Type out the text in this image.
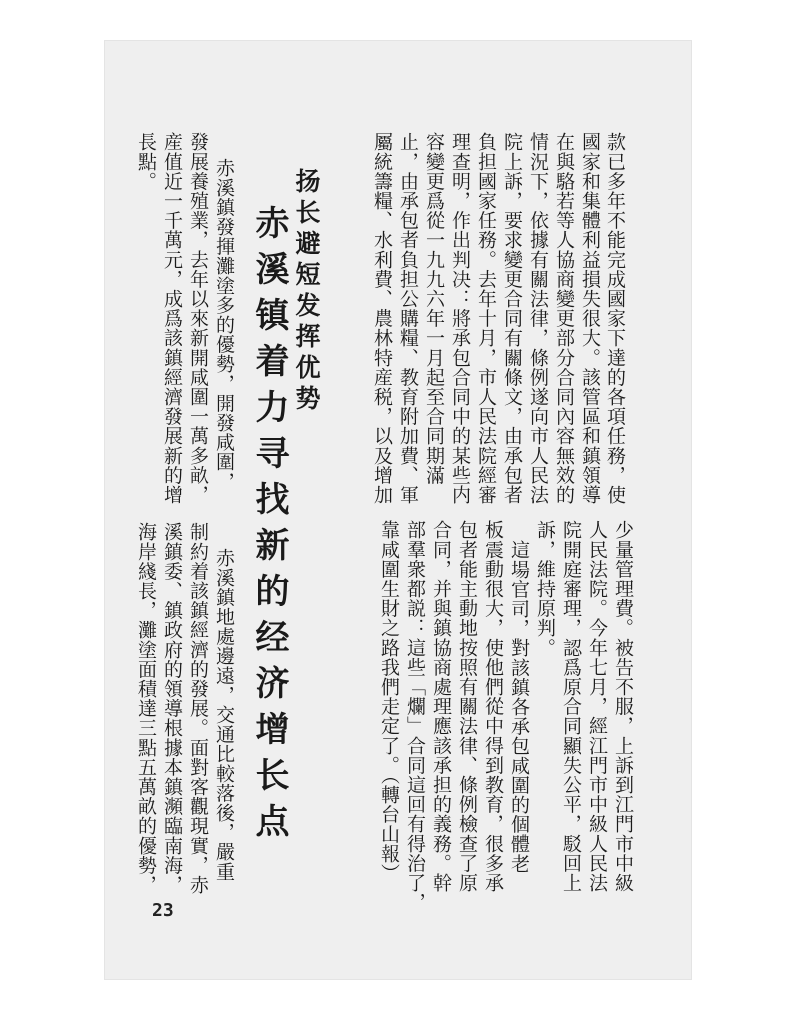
款已多年不能完成國家下達的各項任務，使
國家和集體利益損失很大。該管區和鎮領導
在與駱若等人協商變更部分合同內容無效的
情況下，依據有關法律，條例遂向市人民法
院上訴，要求變更合同有關條文，由承包者
負担國家任務。去年十月，市人民法院經審
理查明，作出判决：將承包合同中的某些内
容變更爲從一九九六年一月起至合同期滿
止，由承包者負担公購糧、教育附加費、軍
屬統籌糧、水利費、農林特産税，以及增加
少量管理費。被告不服，上訴到江門市中級
人民法院。今年七月，經江門市中級人民法
院開庭審理，認爲原合同顯失公平，駁回上
訴，維持原判。
這場官司，對該鎮各承包咸圍的個體老
板震動很大，使他們從中得到教育，很多承
包者能主動地按照有關法律、條例檢查了原
合同，并與鎮協商處理應該承担的義務。幹
部羣衆都説：這些「爛」合同這回有得治了，
靠咸圍生財之路我們走定了。（轉台山報）
扬长避短发挥优势
赤溪镇着力寻找新的经济增长点
赤溪鎮發揮灘塗多的優勢，開發咸圍，
發展養殖業，去年以來新開咸圍一萬多畝，
産值近一千萬元，成爲該鎮經濟發展新的增
長點。
赤溪鎮地處邊遠，交通比較落後，嚴重
制約着該鎮經濟的發展。面對客觀現實，赤
溪鎮委、鎮政府的領導根據本鎮瀕臨南海，
海岸綫長，灘塗面積達三點五萬畝的優勢，
23
